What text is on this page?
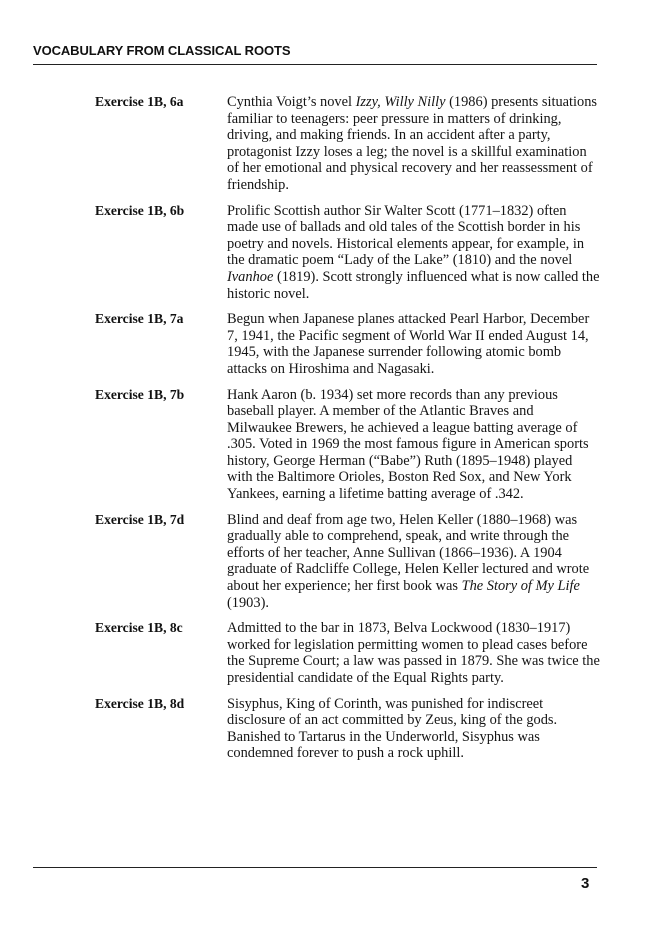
VOCABULARY FROM CLASSICAL ROOTS
Exercise 1B, 6a	Cynthia Voigt’s novel Izzy, Willy Nilly (1986) presents situations familiar to teenagers: peer pressure in matters of drinking, driving, and making friends. In an accident after a party, protagonist Izzy loses a leg; the novel is a skillful examination of her emotional and physical recovery and her reassessment of friendship.

Exercise 1B, 6b	Prolific Scottish author Sir Walter Scott (1771–1832) often made use of ballads and old tales of the Scottish border in his poetry and novels. Historical elements appear, for example, in the dramatic poem “Lady of the Lake” (1810) and the novel Ivanhoe (1819). Scott strongly influenced what is now called the historic novel.

Exercise 1B, 7a	Begun when Japanese planes attacked Pearl Harbor, December 7, 1941, the Pacific segment of World War II ended August 14, 1945, with the Japanese surrender following atomic bomb attacks on Hiroshima and Nagasaki.

Exercise 1B, 7b	Hank Aaron (b. 1934) set more records than any previous baseball player. A member of the Atlantic Braves and Milwaukee Brewers, he achieved a league batting average of .305. Voted in 1969 the most famous figure in American sports history, George Herman (“Babe”) Ruth (1895–1948) played with the Baltimore Orioles, Boston Red Sox, and New York Yankees, earning a lifetime batting average of .342.

Exercise 1B, 7d	Blind and deaf from age two, Helen Keller (1880–1968) was gradually able to comprehend, speak, and write through the efforts of her teacher, Anne Sullivan (1866–1936). A 1904 graduate of Radcliffe College, Helen Keller lectured and wrote about her experience; her first book was The Story of My Life (1903).

Exercise 1B, 8c	Admitted to the bar in 1873, Belva Lockwood (1830–1917) worked for legislation permitting women to plead cases before the Supreme Court; a law was passed in 1879. She was twice the presidential candidate of the Equal Rights party.

Exercise 1B, 8d	Sisyphus, King of Corinth, was punished for indiscreet disclosure of an act committed by Zeus, king of the gods. Banished to Tartarus in the Underworld, Sisyphus was condemned forever to push a rock uphill.

3
